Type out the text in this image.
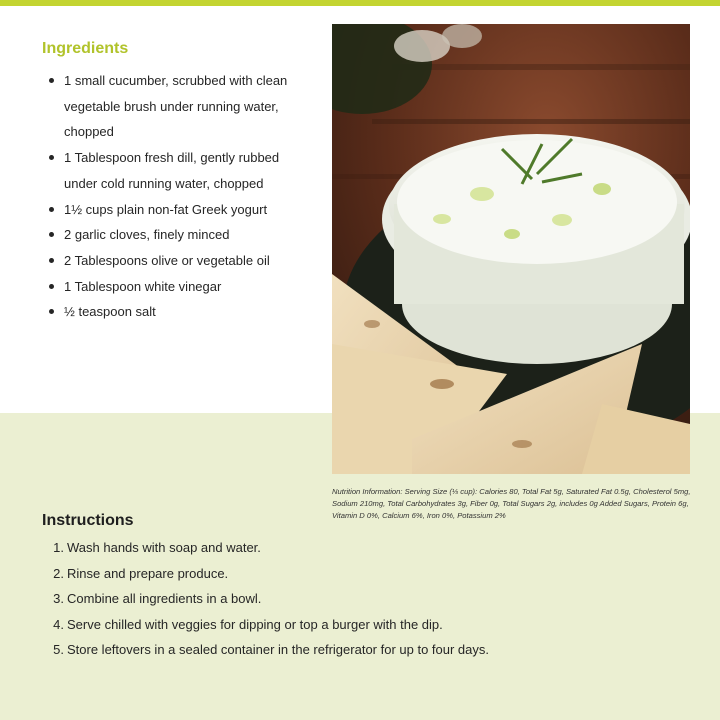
Ingredients
1 small cucumber, scrubbed with clean vegetable brush under running water, chopped
1 Tablespoon fresh dill, gently rubbed under cold running water, chopped
1½ cups plain non-fat Greek yogurt
2 garlic cloves, finely minced
2 Tablespoons olive or vegetable oil
1 Tablespoon white vinegar
½ teaspoon salt

Nutrition Information: Serving Size (⅓ cup): Calories 80, Total Fat 5g, Saturated Fat 0.5g, Cholesterol 5mg, Sodium 210mg, Total Carbohydrates 3g, Fiber 0g, Total Sugars 2g, includes 0g Added Sugars, Protein 6g, Vitamin D 0%, Calcium 6%, Iron 0%, Potassium 2%

Instructions
1. Wash hands with soap and water.
2. Rinse and prepare produce.
3. Combine all ingredients in a bowl.
4. Serve chilled with veggies for dipping or top a burger with the dip.
5. Store leftovers in a sealed container in the refrigerator for up to four days.
